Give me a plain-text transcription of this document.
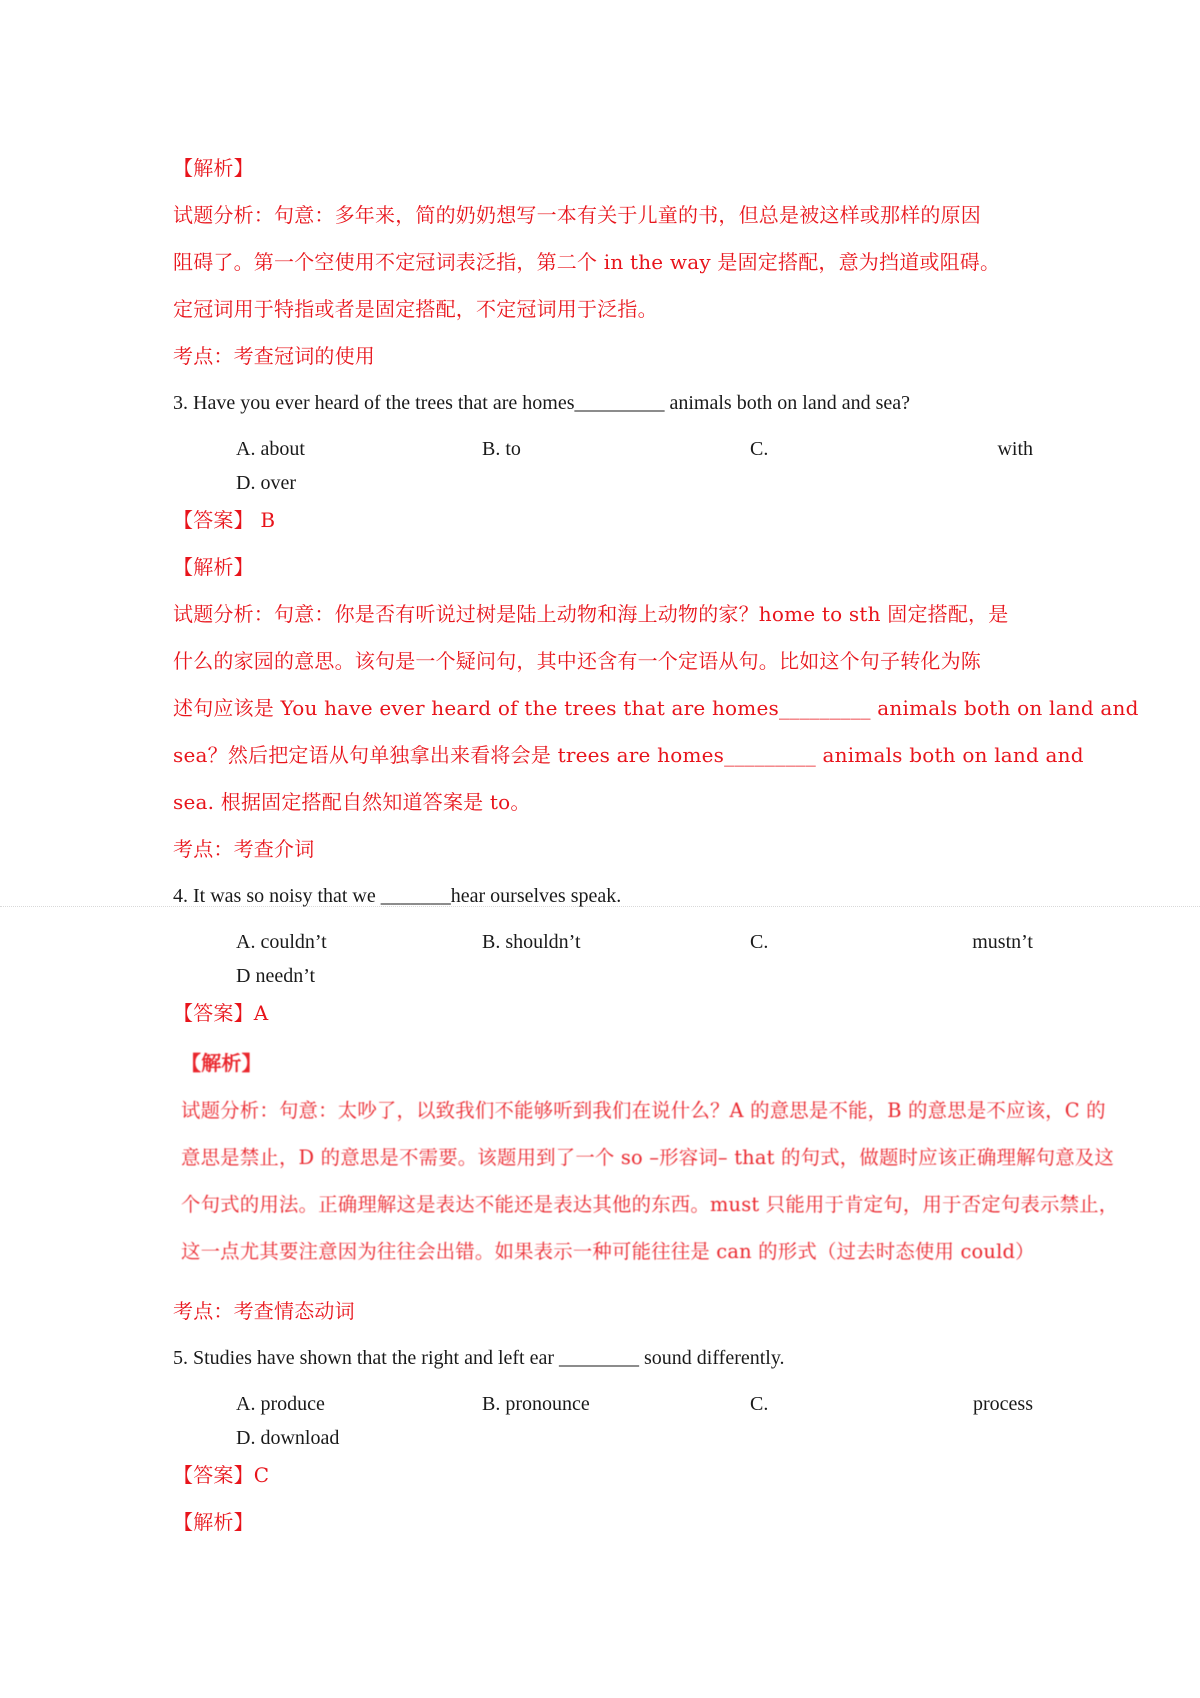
【解析】
试题分析：句意：多年来，简的奶奶想写一本有关于儿童的书，但总是被这样或那样的原因
阻碍了。第一个空使用不定冠词表泛指，第二个 in the way 是固定搭配，意为挡道或阻碍。
定冠词用于特指或者是固定搭配，不定冠词用于泛指。
考点：考查冠词的使用
3. Have you ever heard of the trees that are homes_________ animals both on land and sea?
A. about	B. to	C.	with
D. over
【答案】 B
【解析】
试题分析：句意：你是否有听说过树是陆上动物和海上动物的家？home to sth 固定搭配，是
什么的家园的意思。该句是一个疑问句，其中还含有一个定语从句。比如这个句子转化为陈
述句应该是 You have ever heard of the trees that are homes_________ animals both on land and
sea？然后把定语从句单独拿出来看将会是 trees are homes_________ animals both on land and
sea. 根据固定搭配自然知道答案是 to。
考点：考查介词
4. It was so noisy that we _______hear ourselves speak.
A. couldn’t	B. shouldn’t	C.	mustn’t
D needn’t
【答案】A
【解析】
试题分析：句意：太吵了，以致我们不能够听到我们在说什么？A 的意思是不能，B 的意思是不应该，C 的
意思是禁止，D 的意思是不需要。该题用到了一个 so –形容词– that 的句式，做题时应该正确理解句意及这
个句式的用法。正确理解这是表达不能还是表达其他的东西。must 只能用于肯定句，用于否定句表示禁止，
这一点尤其要注意因为往往会出错。如果表示一种可能往往是 can 的形式（过去时态使用 could）
考点：考查情态动词
5. Studies have shown that the right and left ear ________ sound differently.
A. produce	B. pronounce	C.	process
D. download
【答案】C
【解析】
